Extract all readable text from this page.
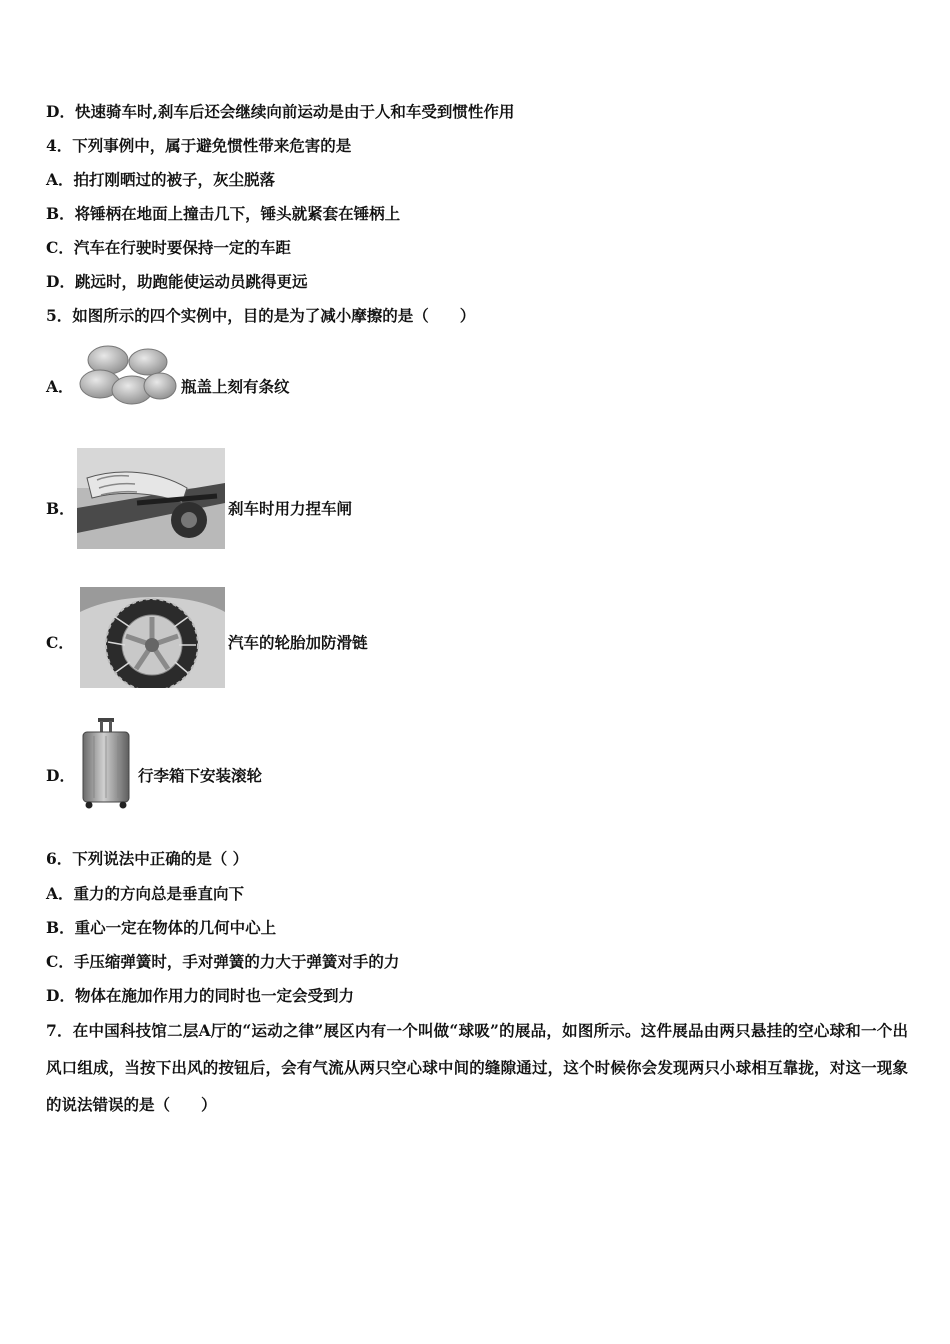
D．快速骑车时,刹车后还会继续向前运动是由于人和车受到惯性作用
4．下列事例中，属于避免惯性带来危害的是
A．拍打刚晒过的被子，灰尘脱落
B．将锤柄在地面上撞击几下，锤头就紧套在锤柄上
C．汽车在行驶时要保持一定的车距
D．跳远时，助跑能使运动员跳得更远
5．如图所示的四个实例中，目的是为了减小摩擦的是（　　）
A．	瓶盖上刻有条纹
B．	刹车时用力捏车闸
C．	汽车的轮胎加防滑链
D．	行李箱下安装滚轮
6．下列说法中正确的是（ ）
A．重力的方向总是垂直向下
B．重心一定在物体的几何中心上
C．手压缩弹簧时，手对弹簧的力大于弹簧对手的力
D．物体在施加作用力的同时也一定会受到力
7．在中国科技馆二层A厅的“运动之律”展区内有一个叫做“球吸”的展品，如图所示。这件展品由两只悬挂的空心球和一个出风口组成，当按下出风的按钮后，会有气流从两只空心球中间的缝隙通过，这个时候你会发现两只小球相互靠拢，对这一现象的说法错误的是（　　）
